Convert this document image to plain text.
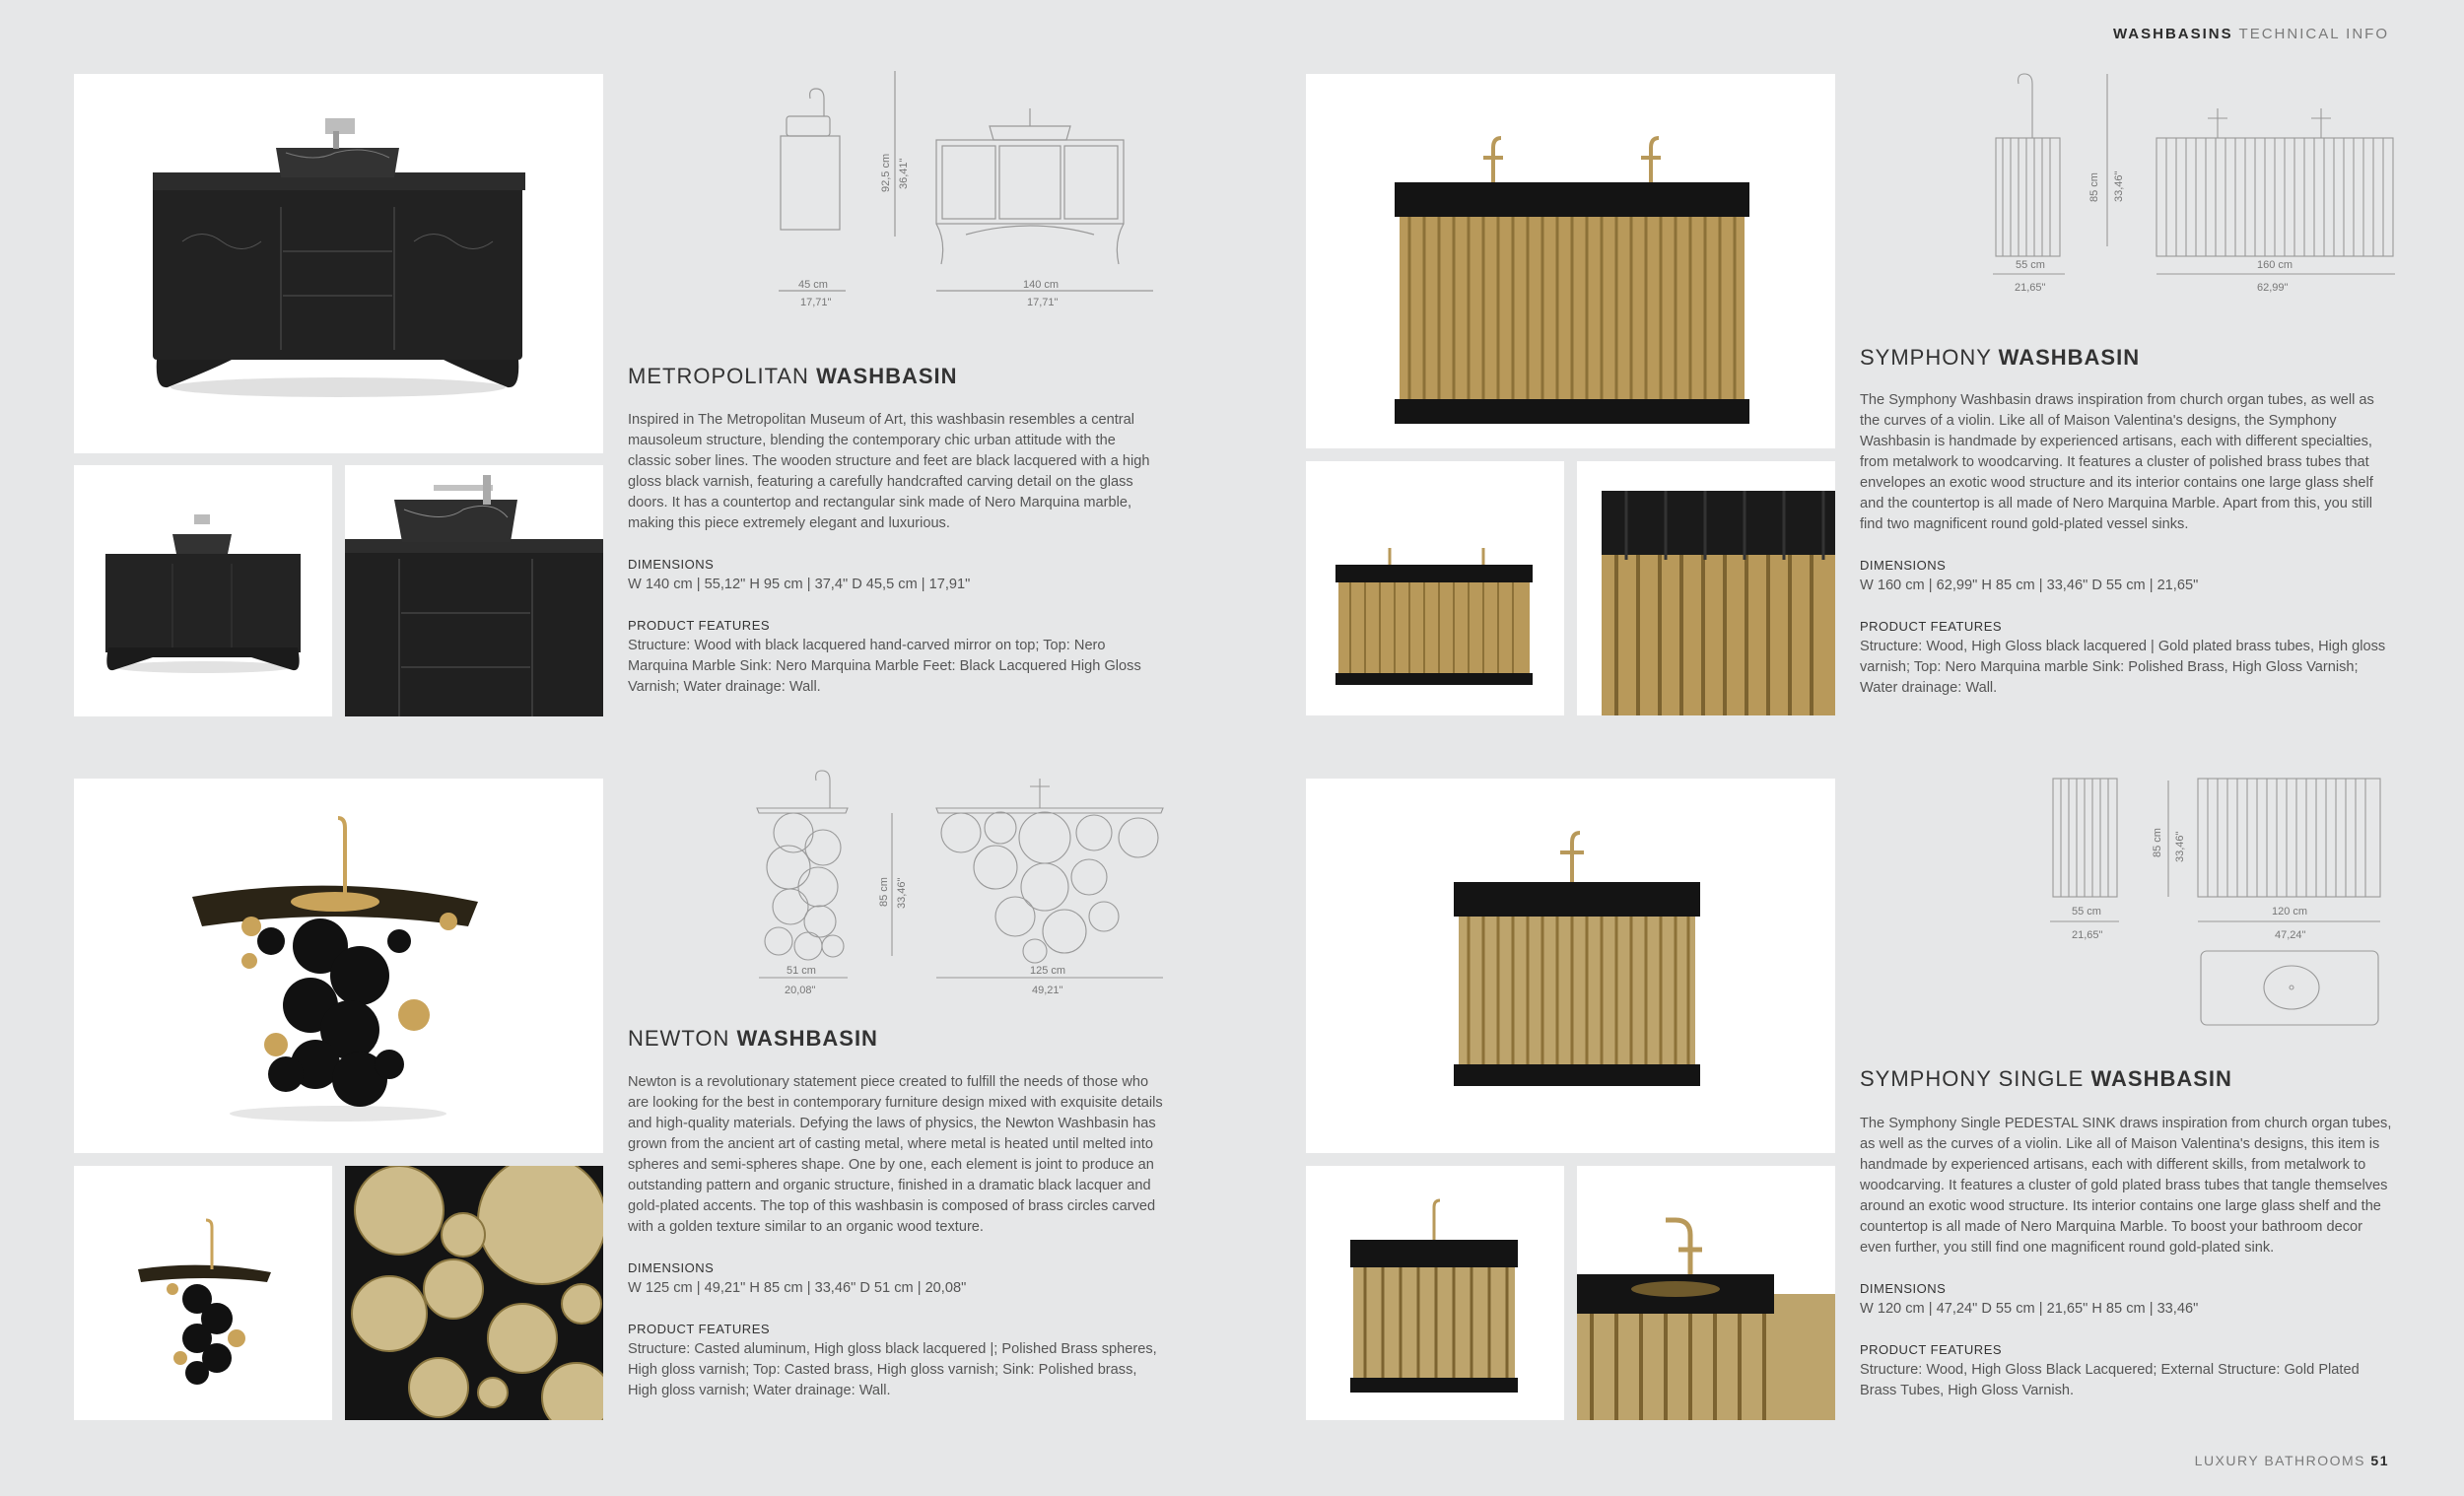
WASHBASINS TECHNICAL INFO
LUXURY BATHROOMS 51
45 cm
17,71"
140 cm
17,71"
92,5 cm 36,41"
METROPOLITAN WASHBASIN

Inspired in The Metropolitan Museum of Art, this washbasin resembles a central mausoleum structure, blending the contemporary chic urban attitude with the classic sober lines. The wooden structure and feet are black lacquered with a high gloss black varnish, featuring a carefully handcrafted carving detail on the glass doors. It has a countertop and rectangular sink made of Nero Marquina marble, making this piece extremely elegant and luxurious.

DIMENSIONS
W 140 cm | 55,12" H 95 cm | 37,4" D 45,5 cm | 17,91"
PRODUCT FEATURES
Structure: Wood with black lacquered hand-carved mirror on top; Top: Nero Marquina Marble Sink: Nero Marquina Marble Feet: Black Lacquered High Gloss Varnish; Water drainage: Wall.
55 cm
21,65"
160 cm
62,99"
85 cm 33,46"
SYMPHONY WASHBASIN

The Symphony Washbasin draws inspiration from church organ tubes, as well as the curves of a violin. Like all of Maison Valentina's designs, the Symphony Washbasin is handmade by experienced artisans, each with different specialties, from metalwork to woodcarving. It features a cluster of polished brass tubes that envelopes an exotic wood structure and its interior contains one large glass shelf and the countertop is all made of Nero Marquina Marble. Apart from this, you still find two magnificent round gold-plated vessel sinks.

DIMENSIONS
W 160 cm | 62,99" H 85 cm | 33,46" D 55 cm | 21,65"
PRODUCT FEATURES
Structure: Wood, High Gloss black lacquered | Gold plated brass tubes, High gloss varnish; Top: Nero Marquina marble Sink: Polished Brass, High Gloss Varnish; Water drainage: Wall.
51 cm
20,08"
125 cm
49,21"
85 cm 33,46"
NEWTON WASHBASIN

Newton is a revolutionary statement piece created to fulfill the needs of those who are looking for the best in contemporary furniture design mixed with exquisite details and high-quality materials. Defying the laws of physics, the Newton Washbasin has grown from the ancient art of casting metal, where metal is heated until melted into spheres and semi-spheres shape. One by one, each element is joint to produce an outstanding pattern and organic structure, finished in a dramatic black lacquer and gold-plated accents. The top of this washbasin is composed of brass circles carved with a golden texture similar to an organic wood texture.

DIMENSIONS
W 125 cm | 49,21" H 85 cm | 33,46" D 51 cm | 20,08"
PRODUCT FEATURES
Structure: Casted aluminum, High gloss black lacquered |; Polished Brass spheres, High gloss varnish; Top: Casted brass, High gloss varnish; Sink: Polished brass, High gloss varnish; Water drainage: Wall.
55 cm
21,65"
120 cm
47,24"
85 cm 33,46"
SYMPHONY SINGLE WASHBASIN

The Symphony Single PEDESTAL SINK draws inspiration from church organ tubes, as well as the curves of a violin. Like all of Maison Valentina's designs, this item is handmade by experienced artisans, each with different skills, from metalwork to woodcarving. It features a cluster of gold plated brass tubes that tangle themselves around an exotic wood structure. Its interior contains one large glass shelf and the countertop is all made of Nero Marquina Marble. To boost your bathroom decor even further, you still find one magnificent round gold-plated sink.

DIMENSIONS
W 120 cm | 47,24" D 55 cm | 21,65" H 85 cm | 33,46"
PRODUCT FEATURES
Structure: Wood, High Gloss Black Lacquered; External Structure: Gold Plated Brass Tubes, High Gloss Varnish.
